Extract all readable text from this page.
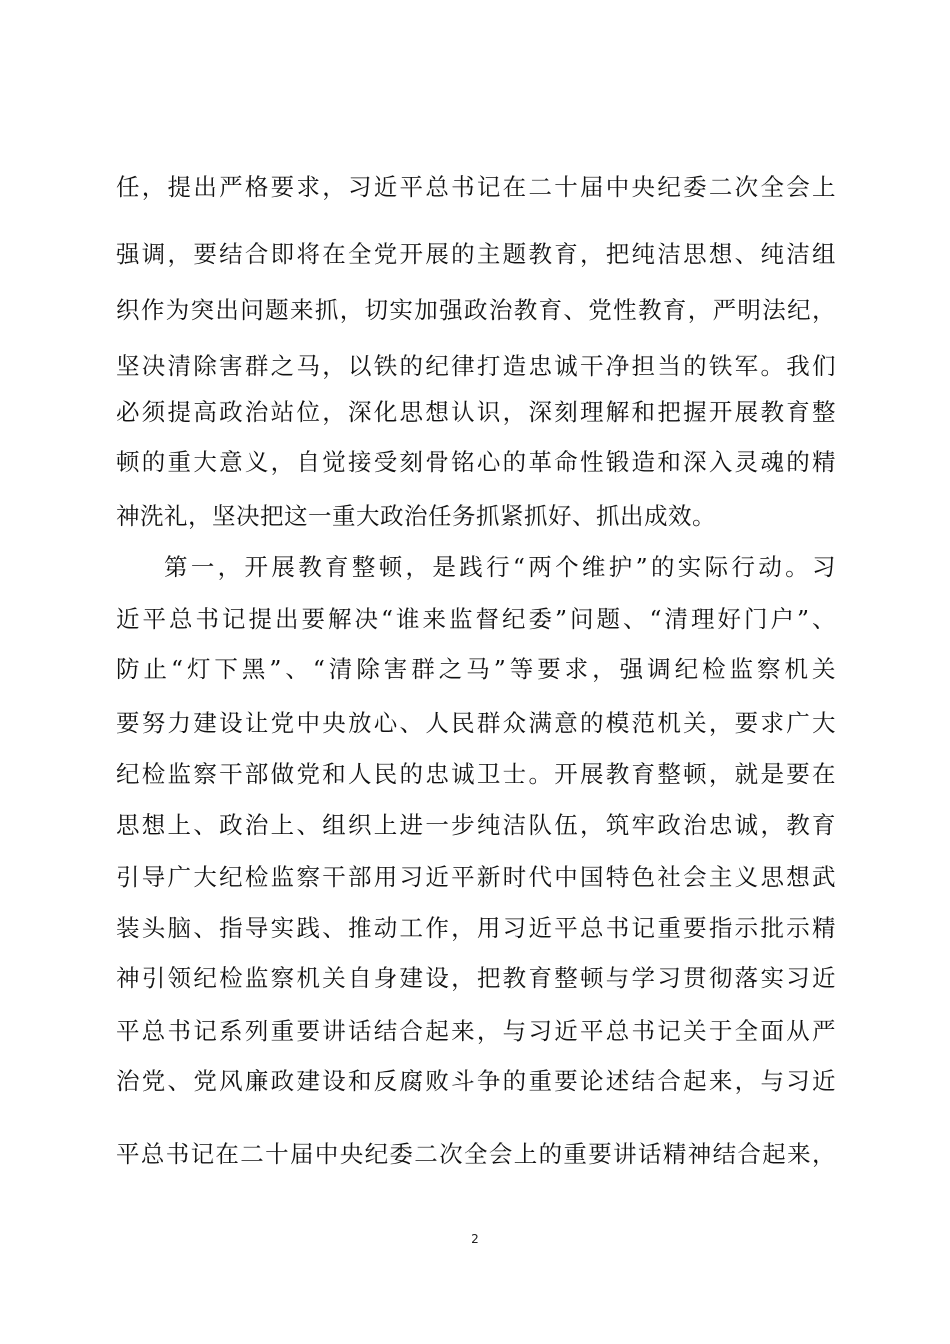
任，提出严格要求，习近平总书记在二十届中央纪委二次全会上
强调，要结合即将在全党开展的主题教育，把纯洁思想、纯洁组
织作为突出问题来抓，切实加强政治教育、党性教育，严明法纪，
坚决清除害群之马，以铁的纪律打造忠诚干净担当的铁军。我们
必须提高政治站位，深化思想认识，深刻理解和把握开展教育整
顿的重大意义，自觉接受刻骨铭心的革命性锻造和深入灵魂的精
神洗礼，坚决把这一重大政治任务抓紧抓好、抓出成效。
第一，开展教育整顿，是践行“两个维护”的实际行动。习
近平总书记提出要解决“谁来监督纪委”问题、“清理好门户”、
防止“灯下黑”、“清除害群之马”等要求，强调纪检监察机关
要努力建设让党中央放心、人民群众满意的模范机关，要求广大
纪检监察干部做党和人民的忠诚卫士。开展教育整顿，就是要在
思想上、政治上、组织上进一步纯洁队伍，筑牢政治忠诚，教育
引导广大纪检监察干部用习近平新时代中国特色社会主义思想武
装头脑、指导实践、推动工作，用习近平总书记重要指示批示精
神引领纪检监察机关自身建设，把教育整顿与学习贯彻落实习近
平总书记系列重要讲话结合起来，与习近平总书记关于全面从严
治党、党风廉政建设和反腐败斗争的重要论述结合起来，与习近
平总书记在二十届中央纪委二次全会上的重要讲话精神结合起来，
2
